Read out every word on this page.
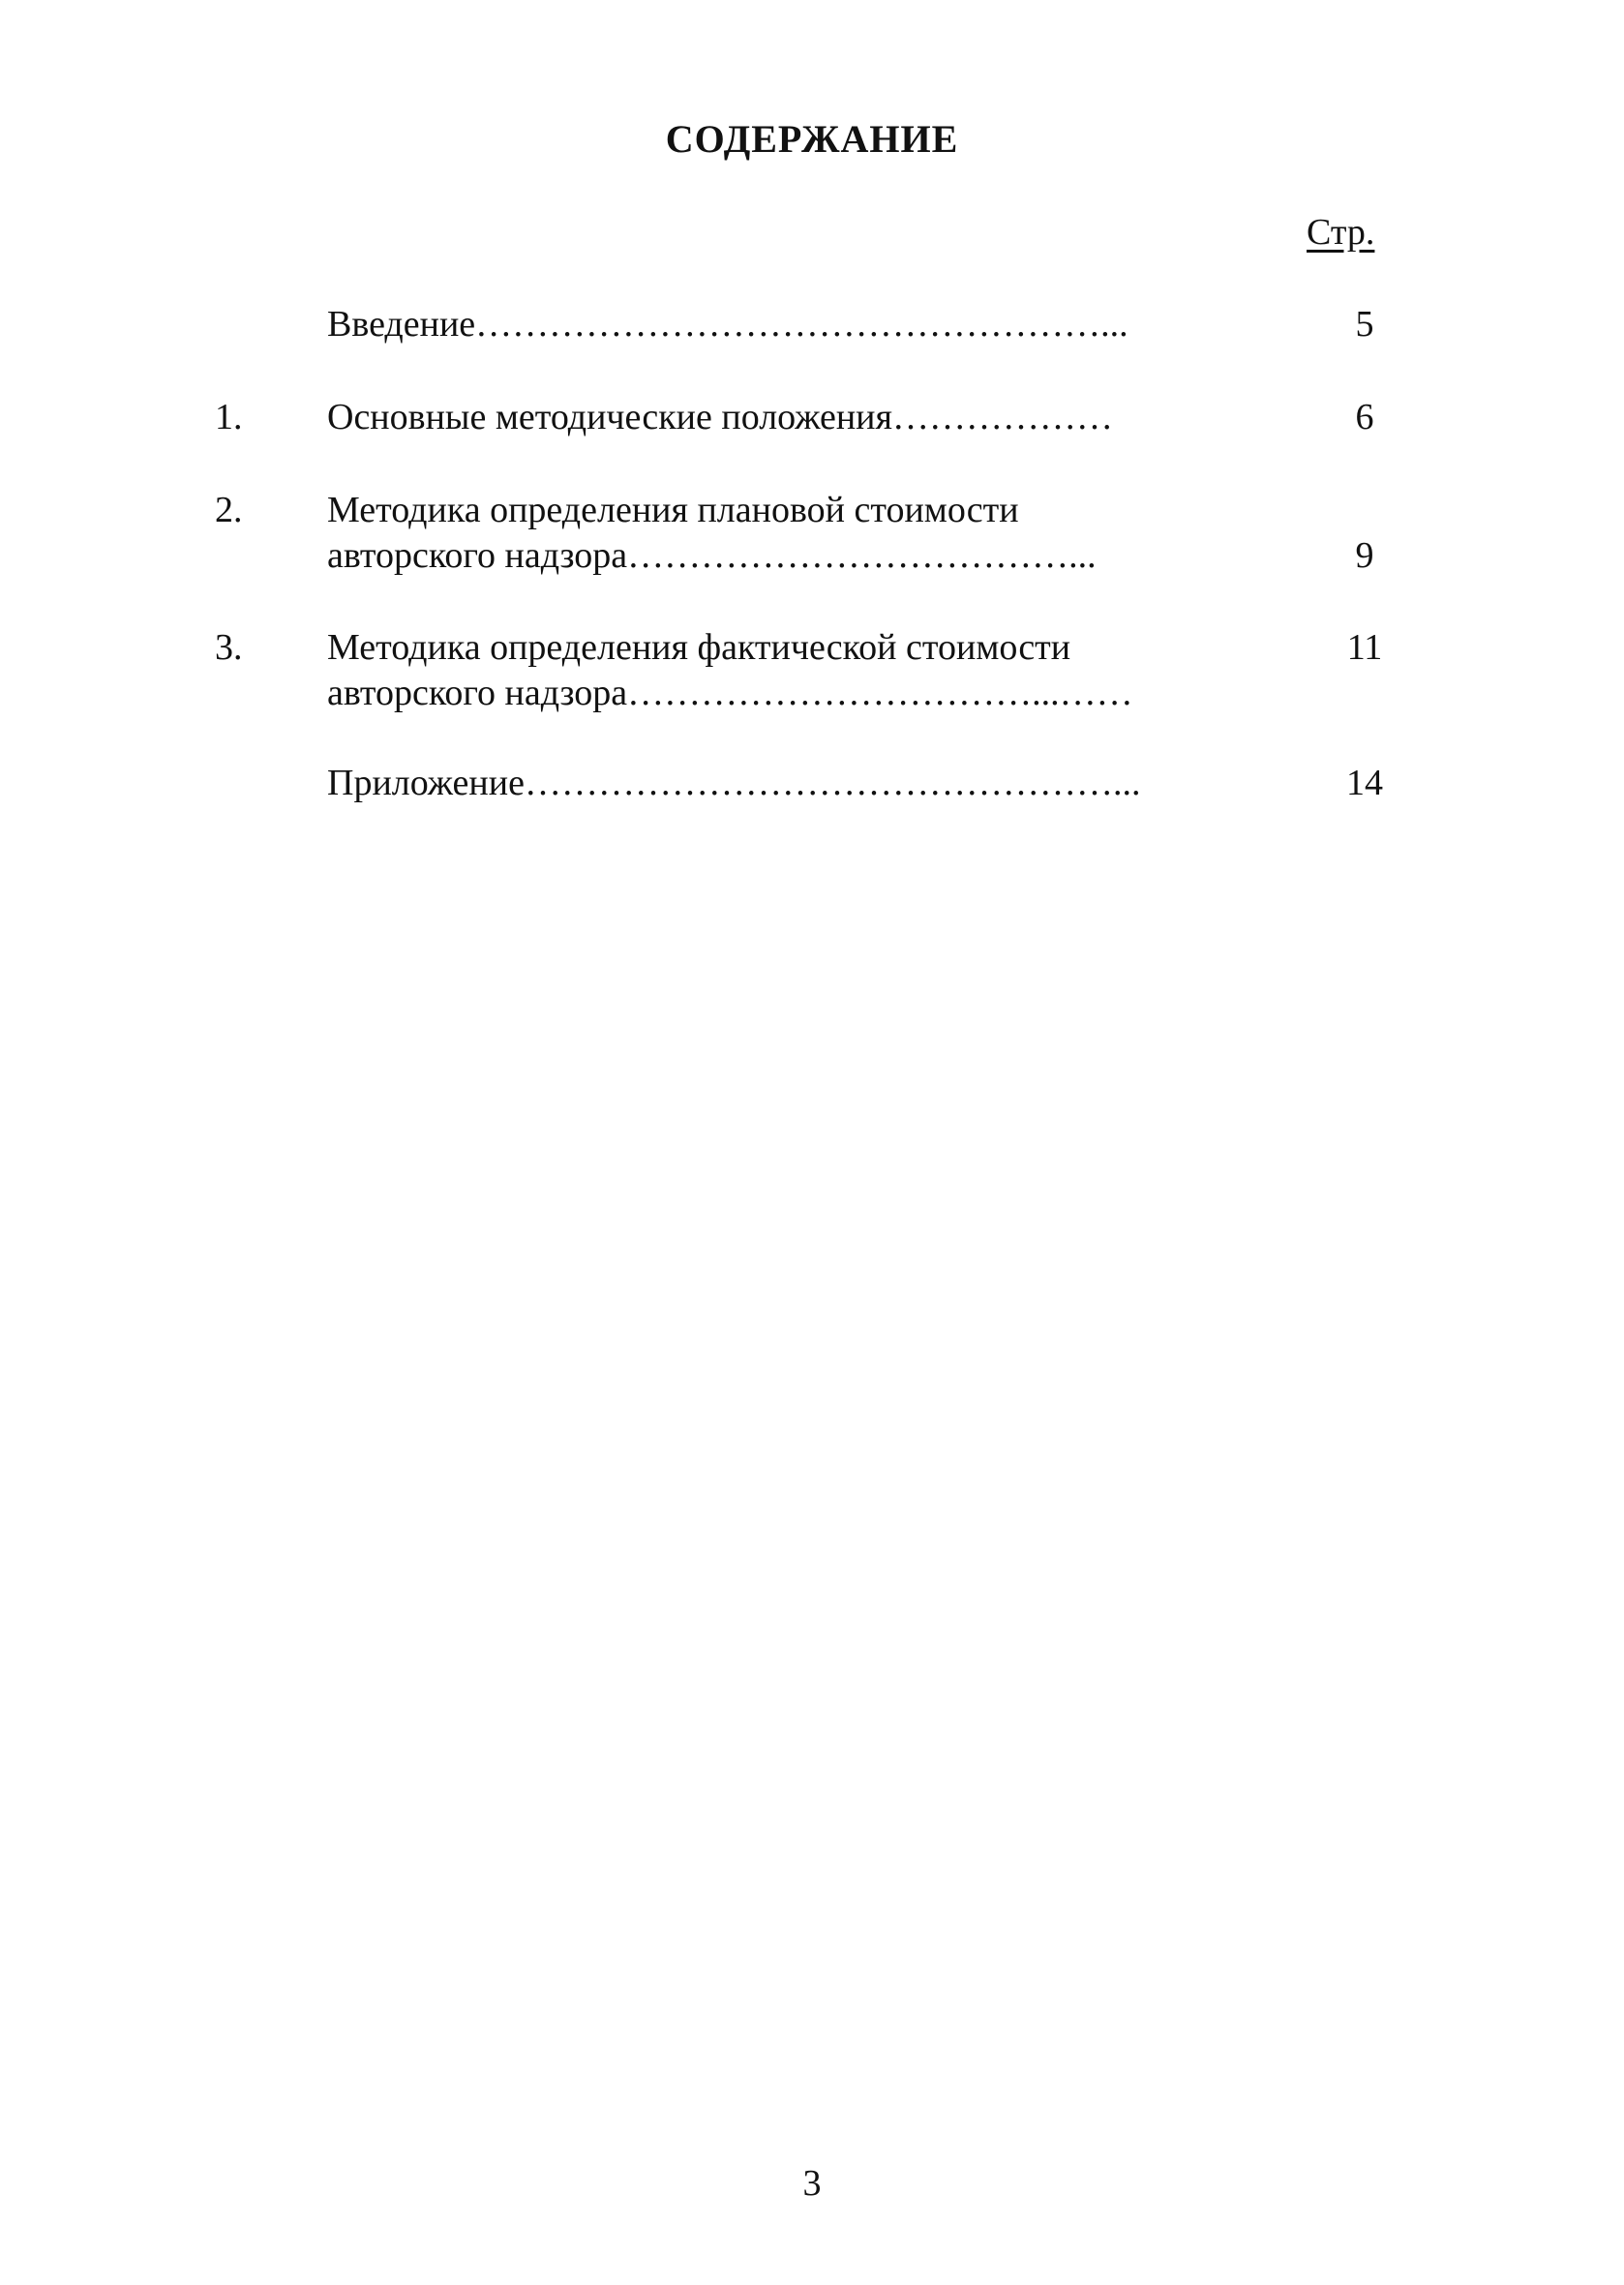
СОДЕРЖАНИЕ
Стр.
Введение……………………………………………...	5
1. Основные методические положения………………	6
2. Методика определения плановой стоимости
авторского надзора………………………………...	9
3. Методика определения фактической стоимости	11
авторского надзора……………………………...……
Приложение…………………………………………...	14
3
